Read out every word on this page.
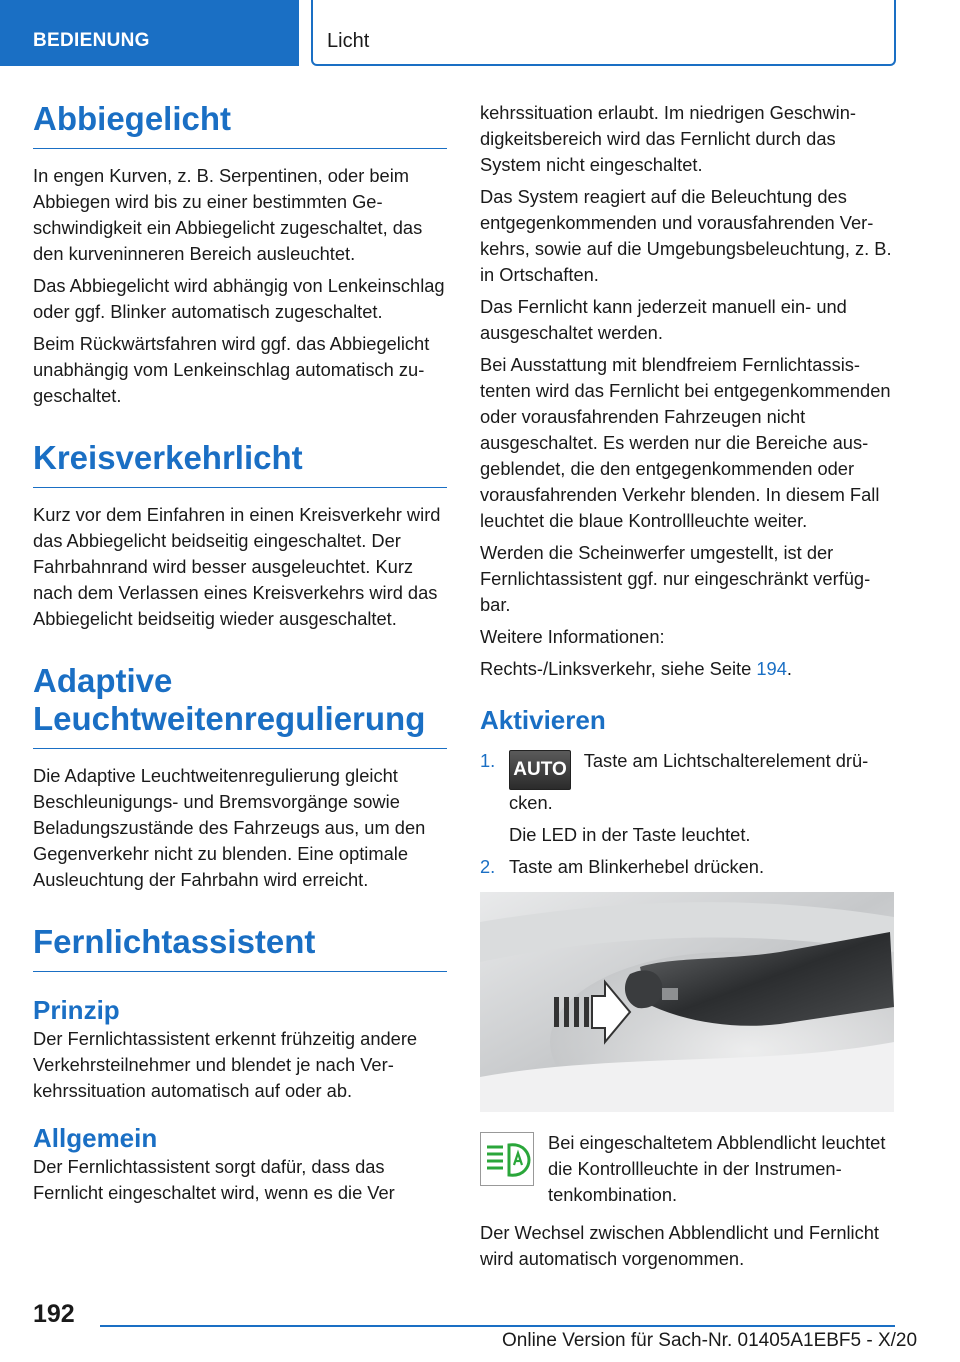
BEDIENUNG	Licht
Abbiegelicht

In engen Kurven, z. B. Serpentinen, oder beim Abbiegen wird bis zu einer bestimmten Geschwindigkeit ein Abbiegelicht zugeschaltet, das den kurveninneren Bereich ausleuchtet.

Das Abbiegelicht wird abhängig von Lenkeinschlag oder ggf. Blinker automatisch zugeschaltet.

Beim Rückwärtsfahren wird ggf. das Abbiegelicht unabhängig vom Lenkeinschlag automatisch zugeschaltet.

Kreisverkehrlicht

Kurz vor dem Einfahren in einen Kreisverkehr wird das Abbiegelicht beidseitig eingeschaltet. Der Fahrbahnrand wird besser ausgeleuchtet. Kurz nach dem Verlassen eines Kreisverkehrs wird das Abbiegelicht beidseitig wieder ausgeschaltet.

Adaptive Leuchtweitenregulierung

Die Adaptive Leuchtweitenregulierung gleicht Beschleunigungs- und Bremsvorgänge sowie Beladungszustände des Fahrzeugs aus, um den Gegenverkehr nicht zu blenden. Eine optimale Ausleuchtung der Fahrbahn wird erreicht.

Fernlichtassistent
Prinzip

Der Fernlichtassistent erkennt frühzeitig andere Verkehrsteilnehmer und blendet je nach Verkehrssituation automatisch auf oder ab.

Allgemein

Der Fernlichtassistent sorgt dafür, dass das Fernlicht eingeschaltet wird, wenn es die Ver

kehrssituation erlaubt. Im niedrigen Geschwindigkeitsbereich wird das Fernlicht durch das System nicht eingeschaltet.

Das System reagiert auf die Beleuchtung des entgegenkommenden und vorausfahrenden Verkehrs, sowie auf die Umgebungsbeleuchtung, z. B. in Ortschaften.

Das Fernlicht kann jederzeit manuell ein- und ausgeschaltet werden.

Bei Ausstattung mit blendfreiem Fernlichtassistenten wird das Fernlicht bei entgegenkommenden oder vorausfahrenden Fahrzeugen nicht ausgeschaltet. Es werden nur die Bereiche ausgeblendet, die den entgegenkommenden oder vorausfahrenden Verkehr blenden. In diesem Fall leuchtet die blaue Kontrollleuchte weiter.

Werden die Scheinwerfer umgestellt, ist der Fernlichtassistent ggf. nur eingeschränkt verfügbar.

Weitere Informationen:

Rechts-/Linksverkehr, siehe Seite 194.

Aktivieren
1. AUTO Taste am Lichtschalterelement drücken.
Die LED in der Taste leuchtet.
2. Taste am Blinkerhebel drücken.

Bei eingeschaltetem Abblendlicht leuchtet die Kontrollleuchte in der Instrumentenkombination.

Der Wechsel zwischen Abblendlicht und Fernlicht wird automatisch vorgenommen.

192
Online Version für Sach-Nr. 01405A1EBF5 - X/20
